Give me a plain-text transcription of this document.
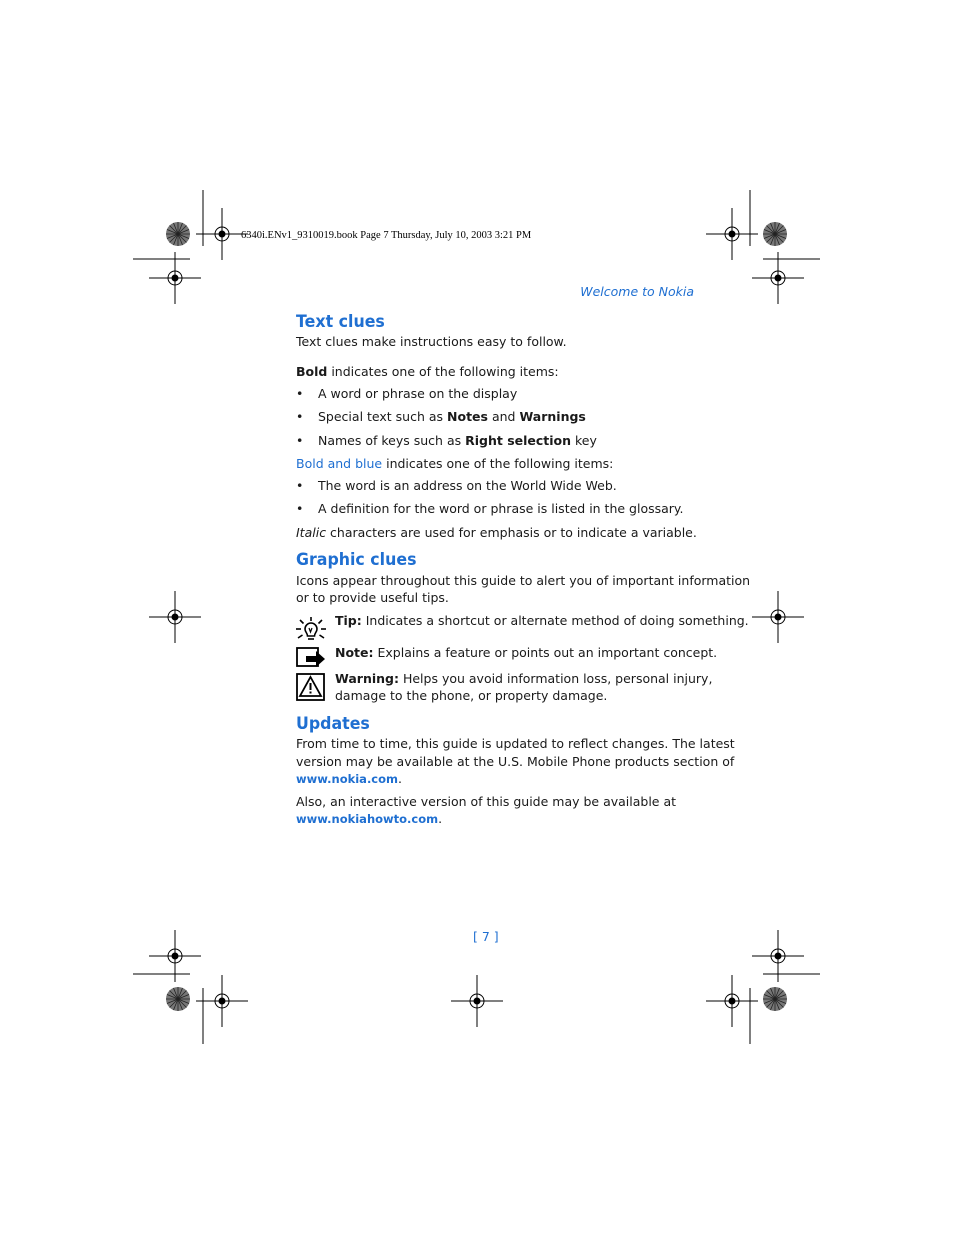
6340i.ENv1_9310019.book Page 7 Thursday, July 10, 2003 3:21 PM
Welcome to Nokia
Text clues
Text clues make instructions easy to follow.
Bold indicates one of the following items:
• A word or phrase on the display
• Special text such as Notes and Warnings
• Names of keys such as Right selection key
Bold and blue indicates one of the following items:
• The word is an address on the World Wide Web.
• A definition for the word or phrase is listed in the glossary.
Italic characters are used for emphasis or to indicate a variable.
Graphic clues
Icons appear throughout this guide to alert you of important information
or to provide useful tips.
Tip: Indicates a shortcut or alternate method of doing something.
Note: Explains a feature or points out an important concept.
Warning: Helps you avoid information loss, personal injury,
damage to the phone, or property damage.
Updates
From time to time, this guide is updated to reflect changes. The latest
version may be available at the U.S. Mobile Phone products section of
www.nokia.com.
Also, an interactive version of this guide may be available at
www.nokiahowto.com.
[ 7 ]
